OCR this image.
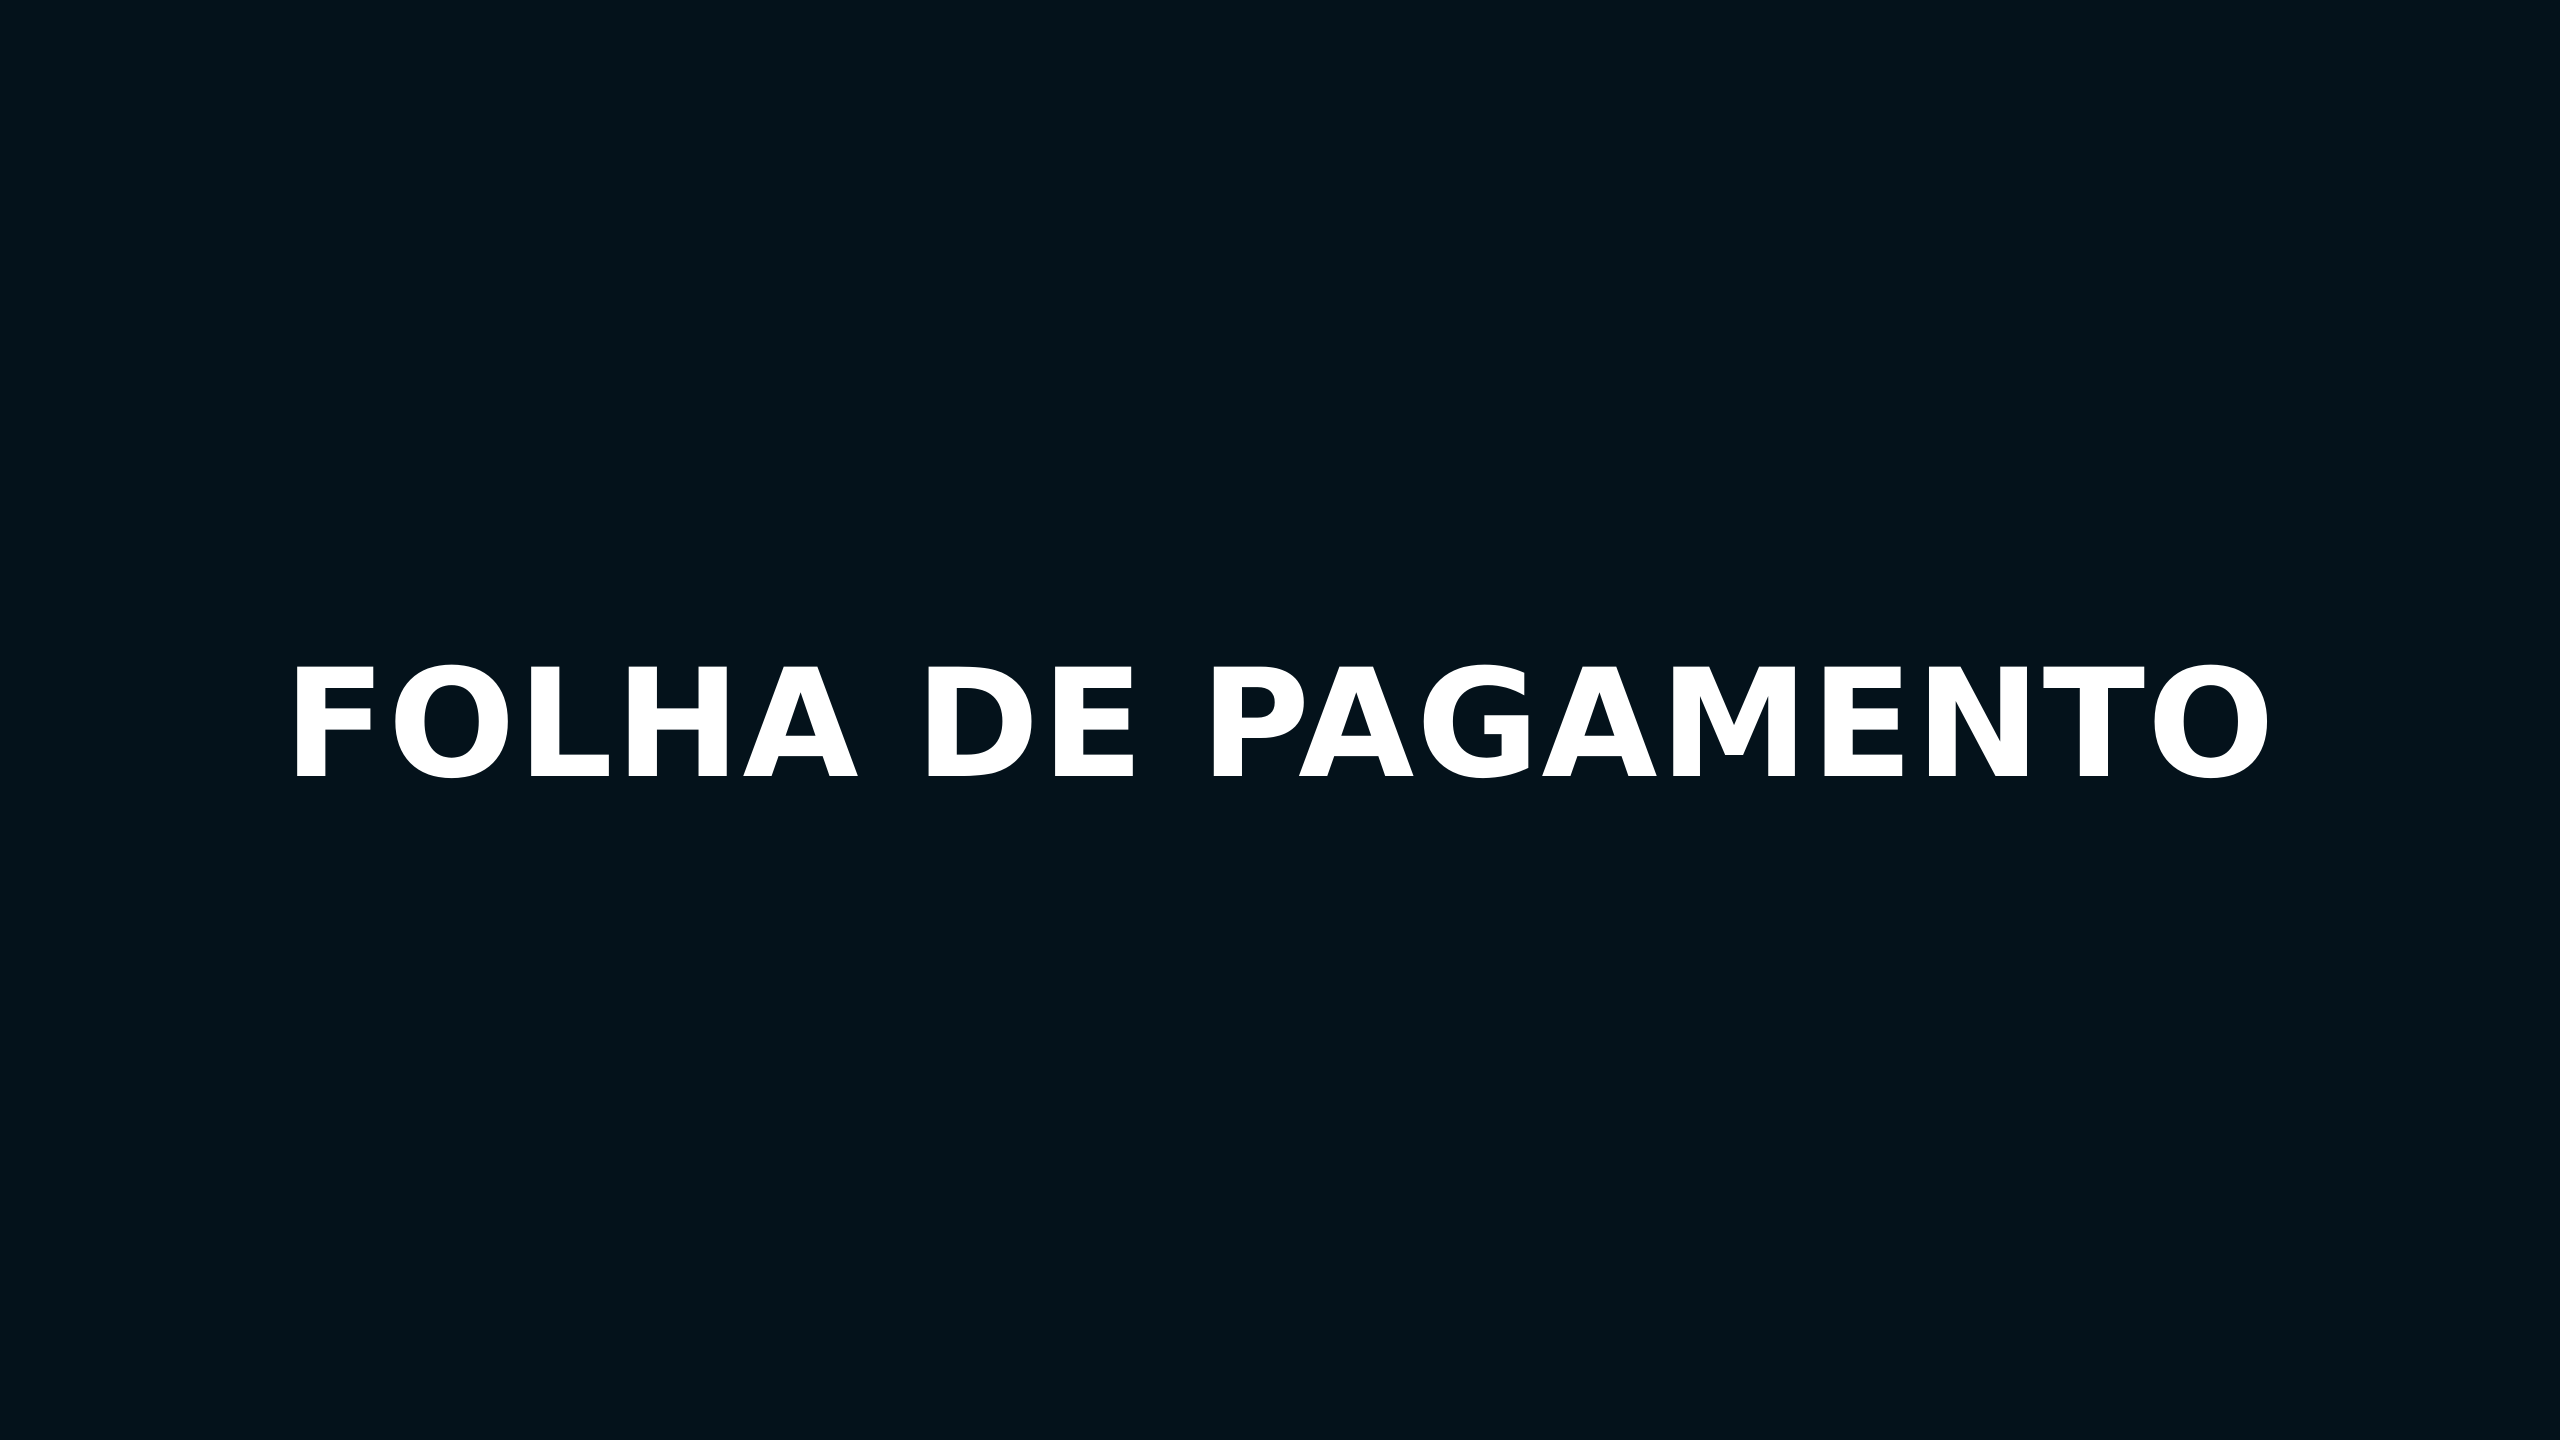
FOLHA DE PAGAMENTO
